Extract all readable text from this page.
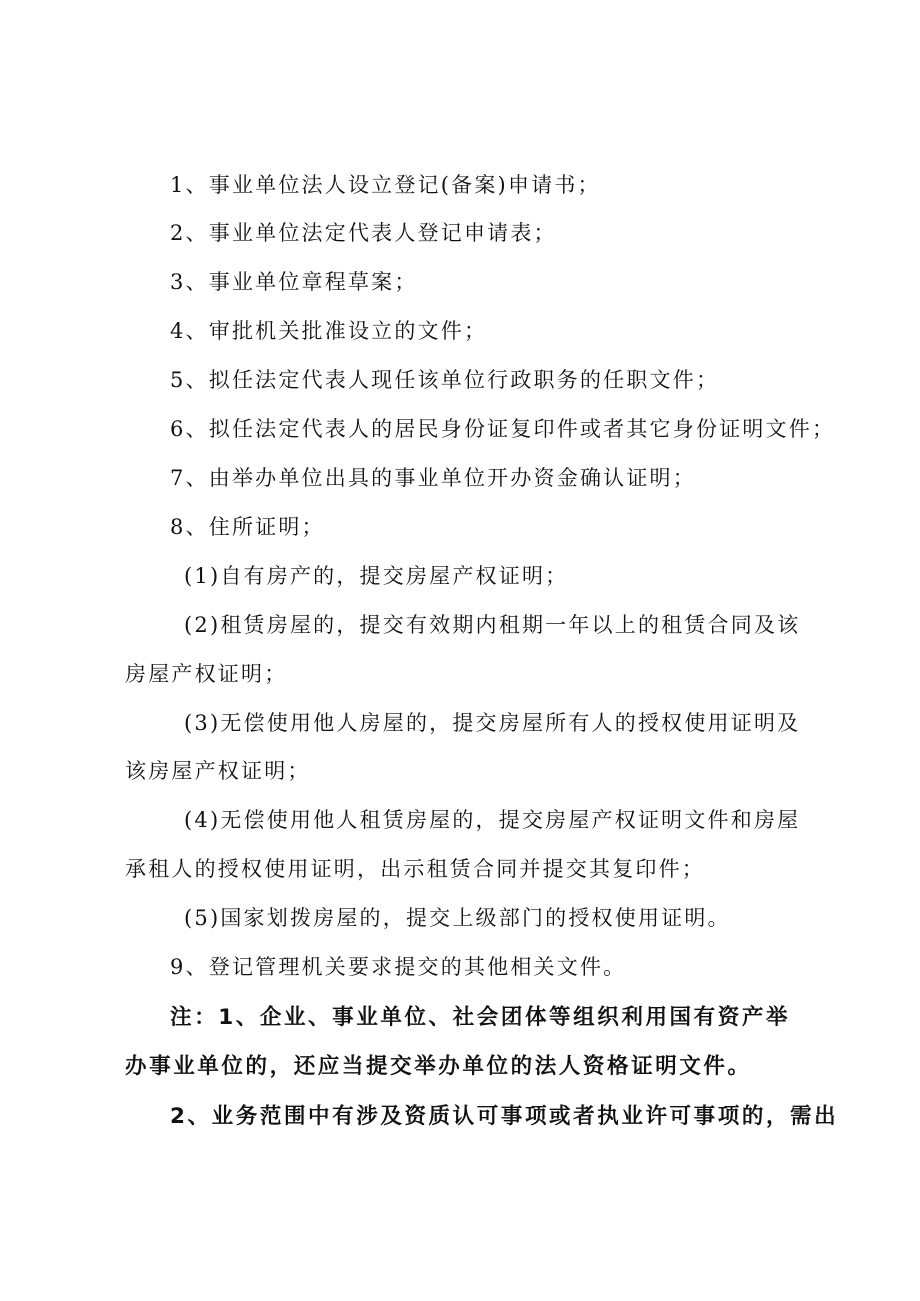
1、事业单位法人设立登记(备案)申请书；
2、事业单位法定代表人登记申请表；
3、事业单位章程草案；
4、审批机关批准设立的文件；
5、拟任法定代表人现任该单位行政职务的任职文件；
6、拟任法定代表人的居民身份证复印件或者其它身份证明文件；
7、由举办单位出具的事业单位开办资金确认证明；
8、住所证明；
(1)自有房产的，提交房屋产权证明；
(2)租赁房屋的，提交有效期内租期一年以上的租赁合同及该
房屋产权证明；
(3)无偿使用他人房屋的，提交房屋所有人的授权使用证明及
该房屋产权证明；
(4)无偿使用他人租赁房屋的，提交房屋产权证明文件和房屋
承租人的授权使用证明，出示租赁合同并提交其复印件；
(5)国家划拨房屋的，提交上级部门的授权使用证明。
9、登记管理机关要求提交的其他相关文件。
注：1、企业、事业单位、社会团体等组织利用国有资产举
办事业单位的，还应当提交举办单位的法人资格证明文件。
2、业务范围中有涉及资质认可事项或者执业许可事项的，需出
